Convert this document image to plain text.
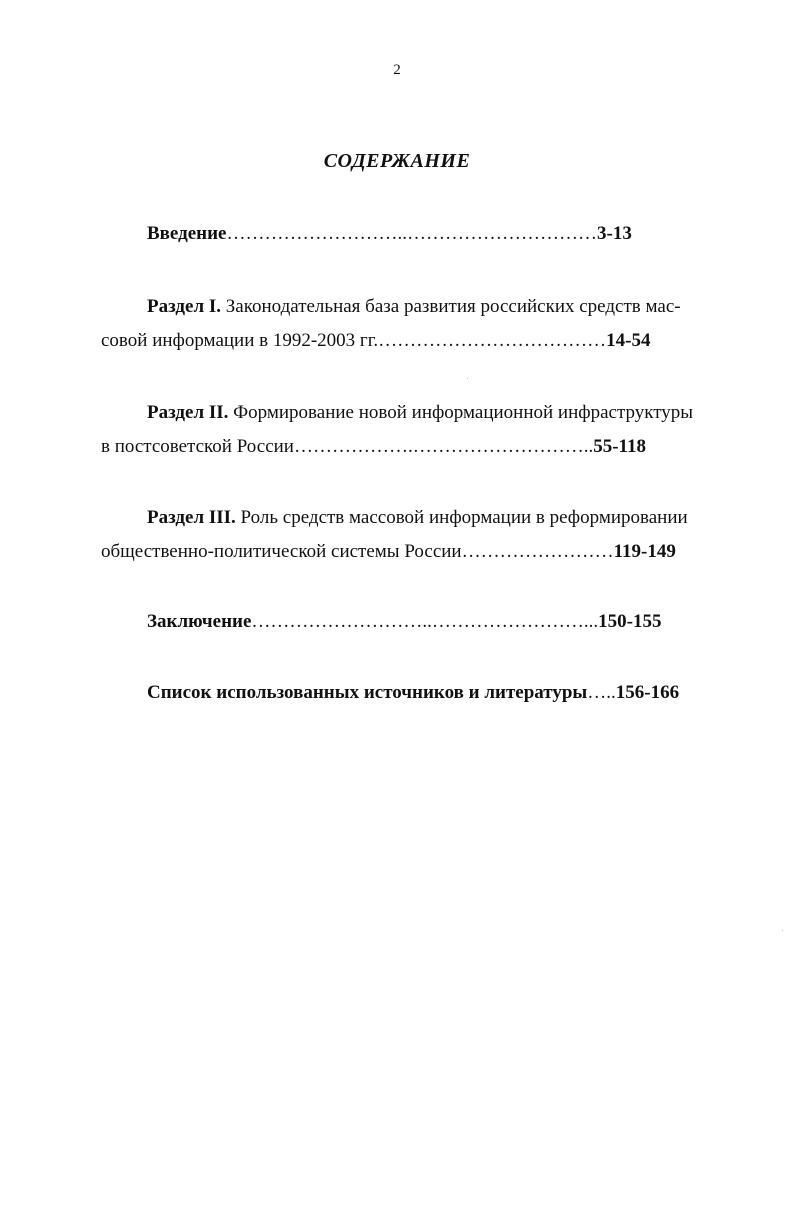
2
СОДЕРЖАНИЕ
Введение………………………..…………………………3-13
Раздел I. Законодательная база развития российских средств мас-
совой информации в 1992-2003 гг.………………………………14-54
Раздел II. Формирование новой информационной инфраструктуры
в постсоветской России……………….………………………..55-118
Раздел III. Роль средств массовой информации в реформировании
общественно-политической системы России……………………119-149
Заключение………………………..……………………...150-155
Список использованных источников и литературы…..156-166
